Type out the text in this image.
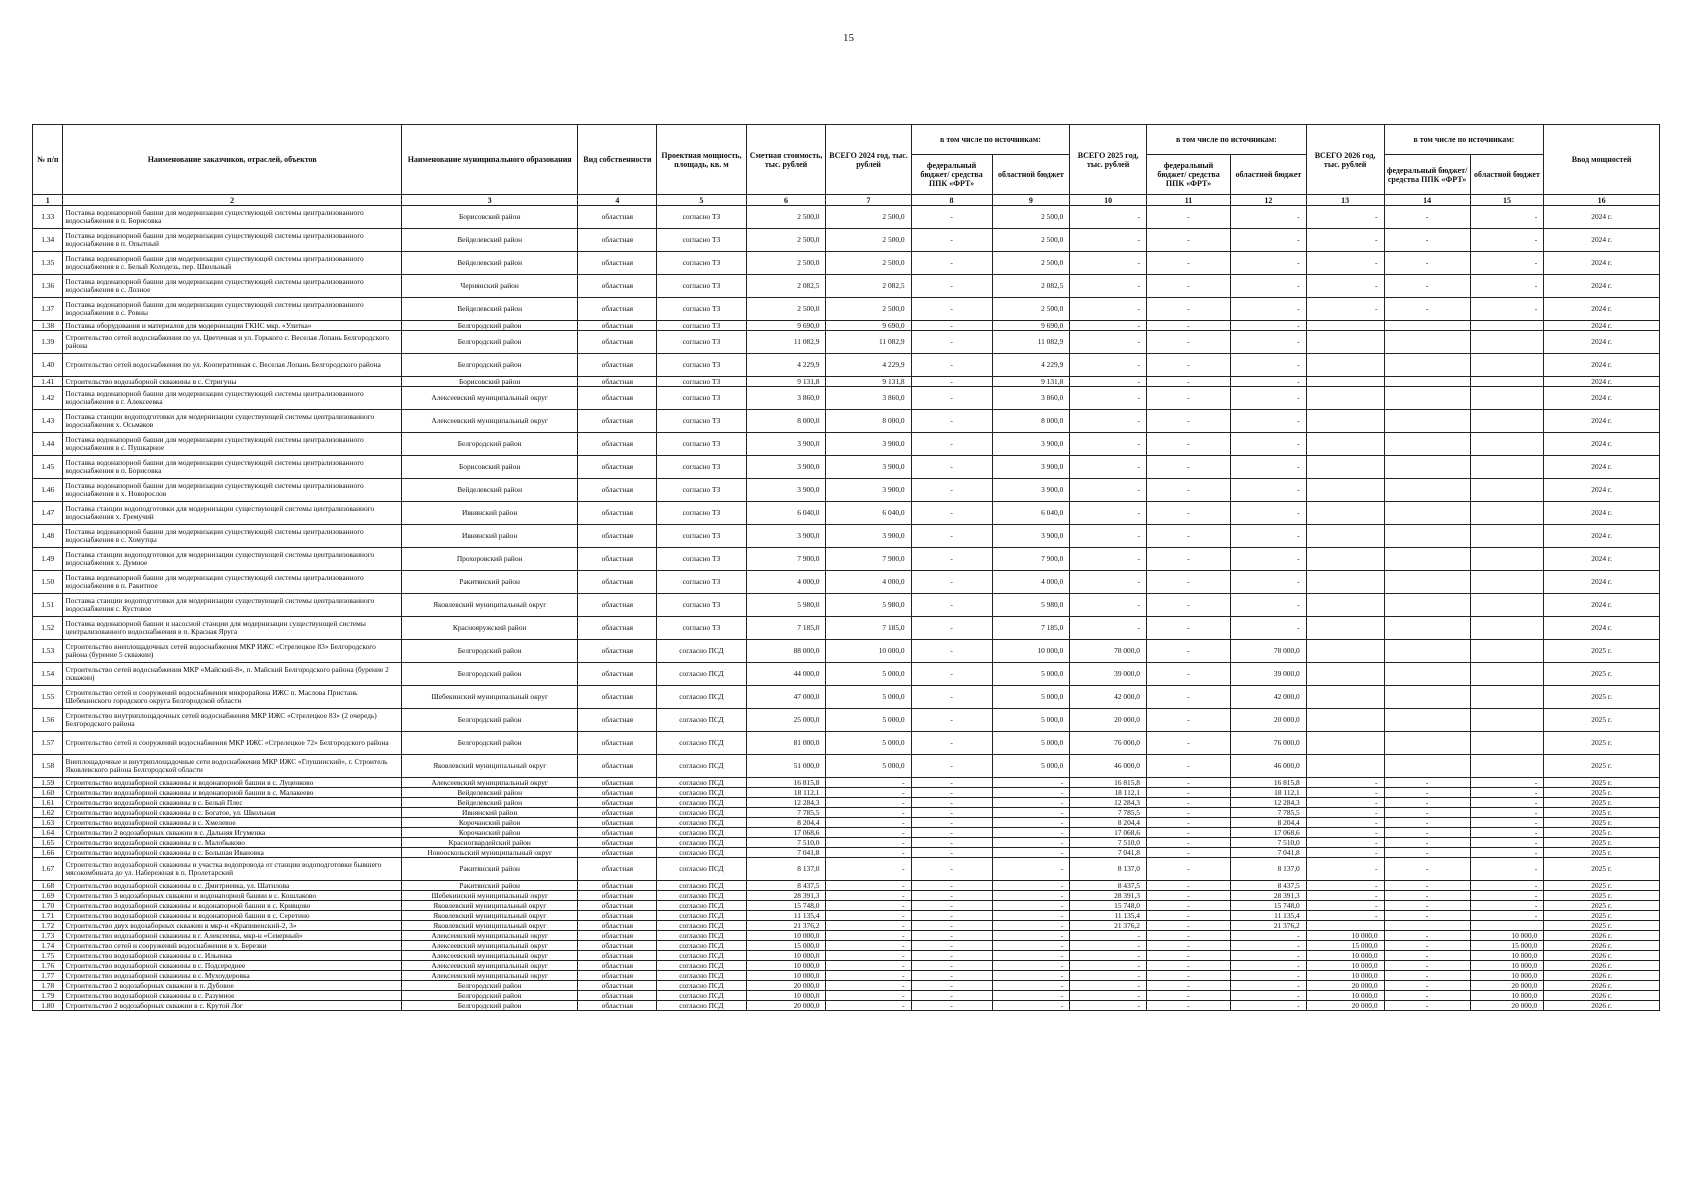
15
№ п/п	Наименование заказчиков, отраслей, объектов	Наименование муниципального образования	Вид собственности	Проектная мощность, площадь, кв. м	Сметная стоимость, тыс. рублей	ВСЕГО 2024 год, тыс. рублей	в том числе по источникам:		ВСЕГО 2025 год, тыс. рублей	в том числе по источникам:		ВСЕГО 2026 год, тыс. рублей	в том числе по источникам:		Ввод мощностей
							федеральный бюджет/ средства ППК «ФРТ»	областной бюджет		федеральный бюджет/ средства ППК «ФРТ»	областной бюджет		федеральный бюджет/ средства ППК «ФРТ»	областной бюджет	
1	2	3	4	5	6	7	8	9	10	11	12	13	14	15	16
1.33	Поставка водонапорной башни для модернизации существующей системы централизованного водоснабжения в п. Борисовка	Борисовский район	областная	согласно ТЗ	2 500,0	2 500,0	-	2 500,0	-	-	-	-	-	-	2024 г.
1.34	Поставка водонапорной башни для модернизации существующей системы централизованного водоснабжения в п. Опытный	Вейделевский район	областная	согласно ТЗ	2 500,0	2 500,0	-	2 500,0	-	-	-	-	-	-	2024 г.
1.35	Поставка водонапорной башни для модернизации существующей системы централизованного водоснабжения в с. Белый Колодезь, пер. Школьный	Вейделевский район	областная	согласно ТЗ	2 500,0	2 500,0	-	2 500,0	-	-	-	-	-	-	2024 г.
1.36	Поставка водонапорной башни для модернизации существующей системы централизованного водоснабжения в с. Лозное	Чернянский район	областная	согласно ТЗ	2 082,5	2 082,5	-	2 082,5	-	-	-	-	-	-	2024 г.
1.37	Поставка водонапорной башни для модернизации существующей системы централизованного водоснабжения в с. Ровны	Вейделевский район	областная	согласно ТЗ	2 500,0	2 500,0	-	2 500,0	-	-	-	-	-	-	2024 г.
1.38	Поставка оборудования и материалов для модернизации ГКНС мкр. «Улитка»	Белгородский район	областная	согласно ТЗ	9 690,0	9 690,0	-	9 690,0	-	-	-				2024 г.
1.39	Строительство сетей водоснабжения по ул. Цветочная и ул. Горького с. Веселая Лопань Белгородского района	Белгородский район	областная	согласно ТЗ	11 082,9	11 082,9	-	11 082,9	-	-	-				2024 г.
1.40	Строительство сетей водоснабжения по ул. Кооперативная с. Веселая Лопань Белгородского района	Белгородский район	областная	согласно ТЗ	4 229,9	4 229,9	-	4 229,9	-	-	-				2024 г.
1.41	Строительство водозаборной скважины в с. Стригуны	Борисовский район	областная	согласно ТЗ	9 131,8	9 131,8	-	9 131,8	-	-	-				2024 г.
1.42	Поставка водонапорной башни для модернизации существующей системы централизованного водоснабжения в г. Алексеевка	Алексеевский муниципальный округ	областная	согласно ТЗ	3 860,0	3 860,0	-	3 860,0	-	-	-				2024 г.
1.43	Поставка станции водоподготовки для модернизации существующей системы централизованного водоснабжения х. Осьмаков	Алексеевский муниципальный округ	областная	согласно ТЗ	8 000,0	8 000,0	-	8 000,0	-	-	-				2024 г.
1.44	Поставка водонапорной башни для модернизации существующей системы централизованного водоснабжения в с. Пушкарное	Белгородский район	областная	согласно ТЗ	3 900,0	3 900,0	-	3 900,0	-	-	-				2024 г.
1.45	Поставка водонапорной башни для модернизации существующей системы централизованного водоснабжения в п. Борисовка	Борисовский район	областная	согласно ТЗ	3 900,0	3 900,0	-	3 900,0	-	-	-				2024 г.
1.46	Поставка водонапорной башни для модернизации существующей системы централизованного водоснабжения в х. Новорослов	Вейделевский район	областная	согласно ТЗ	3 900,0	3 900,0	-	3 900,0	-	-	-				2024 г.
1.47	Поставка станции водоподготовки для модернизации существующей системы централизованного водоснабжения х. Гремучий	Ивнянский район	областная	согласно ТЗ	6 040,0	6 040,0	-	6 040,0	-	-	-				2024 г.
1.48	Поставка водонапорной башни для модернизации существующей системы централизованного водоснабжения в с. Хомутцы	Ивнянский район	областная	согласно ТЗ	3 900,0	3 900,0	-	3 900,0	-	-	-				2024 г.
1.49	Поставка станции водоподготовки для модернизации существующей системы централизованного водоснабжения х. Думное	Прохоровский район	областная	согласно ТЗ	7 900,0	7 900,0	-	7 900,0	-	-	-				2024 г.
1.50	Поставка водонапорной башни для модернизации существующей системы централизованного водоснабжения в п. Ракитное	Ракитянский район	областная	согласно ТЗ	4 000,0	4 000,0	-	4 000,0	-	-	-				2024 г.
1.51	Поставка станции водоподготовки для модернизации существующей системы централизованного водоснабжения с. Кустовое	Яковлевский муниципальный округ	областная	согласно ТЗ	5 980,0	5 980,0	-	5 980,0	-	-	-				2024 г.
1.52	Поставка водонапорной башни и насосной станции для модернизации существующей системы централизованного водоснабжения в п. Красная Яруга	Краснояружский район	областная	согласно ТЗ	7 185,0	7 185,0	-	7 185,0	-	-	-				2024 г.
1.53	Строительство внеплощадочных сетей водоснабжения МКР ИЖС «Стрелецкое 83» Белгородского района (бурение 5 скважин)	Белгородский район	областная	согласно ПСД	88 000,0	10 000,0	-	10 000,0	78 000,0	-	78 000,0				2025 г.
1.54	Строительство сетей водоснабжения МКР «Майский-8», п. Майский Белгородского района (бурение 2 скважин)	Белгородский район	областная	согласно ПСД	44 000,0	5 000,0	-	5 000,0	39 000,0	-	39 000,0				2025 г.
1.55	Строительство сетей и сооружений водоснабжения микрорайона ИЖС п. Маслова Пристань Шебекинского городского округа Белгородской области	Шебекинский муниципальный округ	областная	согласно ПСД	47 000,0	5 000,0	-	5 000,0	42 000,0	-	42 000,0				2025 г.
1.56	Строительство внутриплощадочных сетей водоснабжения МКР ИЖС «Стрелецкое 83» (2 очередь) Белгородского района	Белгородский район	областная	согласно ПСД	25 000,0	5 000,0	-	5 000,0	20 000,0	-	20 000,0				2025 г.
1.57	Строительство сетей и сооружений водоснабжения МКР ИЖС «Стрелецкое 72» Белгородского района	Белгородский район	областная	согласно ПСД	81 000,0	5 000,0	-	5 000,0	76 000,0	-	76 000,0				2025 г.
1.58	Внеплощадочные и внутриплощадочные сети водоснабжения МКР ИЖС «Глушинский», г. Строитель Яковлевского района Белгородской области	Яковлевский муниципальный округ	областная	согласно ПСД	51 000,0	5 000,0	-	5 000,0	46 000,0	-	46 000,0				2025 г.
1.59	Строительство водозаборной скважины и водонапорной башни в с. Луценково	Алексеевский муниципальный округ	областная	согласно ПСД	16 815,8	-	-	-	16 815,8	-	16 815,8	-	-	-	2025 г.
1.60	Строительство водозаборной скважины и водонапорной башни в с. Малакеево	Вейделевский район	областная	согласно ПСД	18 112,1	-	-	-	18 112,1	-	18 112,1	-	-	-	2025 г.
1.61	Строительство водозаборной скважины в с. Белый Плес	Вейделевский район	областная	согласно ПСД	12 284,3	-	-	-	12 284,3	-	12 284,3	-	-	-	2025 г.
1.62	Строительство водозаборной скважины в с. Богатое, ул. Школьная	Ивнянский район	областная	согласно ПСД	7 785,5	-	-	-	7 785,5	-	7 785,5	-	-	-	2025 г.
1.63	Строительство водозаборной скважины в с. Хмелевое	Корочанский район	областная	согласно ПСД	8 204,4	-	-	-	8 204,4	-	8 204,4	-	-	-	2025 г.
1.64	Строительство 2 водозаборных скважин в с. Дальняя Игуменка	Корочанский район	областная	согласно ПСД	17 068,6	-	-	-	17 068,6	-	17 068,6	-	-	-	2025 г.
1.65	Строительство водозаборной скважины в с. Малобыково	Красногвардейский район	областная	согласно ПСД	7 510,0	-	-	-	7 510,0	-	7 510,0	-	-	-	2025 г.
1.66	Строительство водозаборной скважины в с. Большая Ивановка	Новооскольский муниципальный округ	областная	согласно ПСД	7 041,8	-	-	-	7 041,8	-	7 041,8	-	-	-	2025 г.
1.67	Строительство водозаборной скважины и участка водопровода от станции водоподготовки бывшего мясокомбината до ул. Набережная в п. Пролетарский	Ракитянский район	областная	согласно ПСД	8 137,0	-	-	-	8 137,0	-	8 137,0	-	-	-	2025 г.
1.68	Строительство водозаборной скважины в с. Дмитриевка, ул. Шатилова	Ракитянский район	областная	согласно ПСД	8 437,5	-	-	-	8 437,5	-	8 437,5	-	-	-	2025 г.
1.69	Строительство 3 водозаборных скважин и водонапорной башни в с. Кошлаково	Шебекинский муниципальный округ	областная	согласно ПСД	28 391,3	-	-	-	28 391,3	-	28 391,3	-	-	-	2025 г.
1.70	Строительство водозаборной скважины и водонапорной башни в с. Кривцово	Яковлевский муниципальный округ	областная	согласно ПСД	15 748,0	-	-	-	15 748,0	-	15 748,0	-	-	-	2025 г.
1.71	Строительство водозаборной скважины и водонапорной башни в с. Серетино	Яковлевский муниципальный округ	областная	согласно ПСД	11 135,4	-	-	-	11 135,4	-	11 135,4	-	-	-	2025 г.
1.72	Строительство двух водозаборных скважин в мкр-н «Крапивенский-2, 3»	Яковлевский муниципальный округ	областная	согласно ПСД	21 376,2	-	-	-	21 376,2	-	21 376,2				2025 г.
1.73	Строительство водозаборной скважины в г. Алексеевка, мкр-н «Северный»	Алексеевский муниципальный округ	областная	согласно ПСД	10 000,0	-	-	-	-	-	-	10 000,0	-	10 000,0	2026 г.
1.74	Строительство сетей и сооружений водоснабжения в х. Березки	Алексеевский муниципальный округ	областная	согласно ПСД	15 000,0	-	-	-	-	-	-	15 000,0	-	15 000,0	2026 г.
1.75	Строительство водозаборной скважины в с. Ильинка	Алексеевский муниципальный округ	областная	согласно ПСД	10 000,0	-	-	-	-	-	-	10 000,0	-	10 000,0	2026 г.
1.76	Строительство водозаборной скважины в с. Подсереднее	Алексеевский муниципальный округ	областная	согласно ПСД	10 000,0	-	-	-	-	-	-	10 000,0	-	10 000,0	2026 г.
1.77	Строительство водозаборной скважины в с. Мухоудеровка	Алексеевский муниципальный округ	областная	согласно ПСД	10 000,0	-	-	-	-	-	-	10 000,0	-	10 000,0	2026 г.
1.78	Строительство 2 водозаборных скважин в п. Дубовое	Белгородский район	областная	согласно ПСД	20 000,0	-	-	-	-	-	-	20 000,0	-	20 000,0	2026 г.
1.79	Строительство водозаборной скважины в с. Разумное	Белгородский район	областная	согласно ПСД	10 000,0	-	-	-	-	-	-	10 000,0	-	10 000,0	2026 г.
1.80	Строительство 2 водозаборных скважин в с. Крутой Лог	Белгородский район	областная	согласно ПСД	20 000,0	-	-	-	-	-	-	20 000,0	-	20 000,0	2026 г.
